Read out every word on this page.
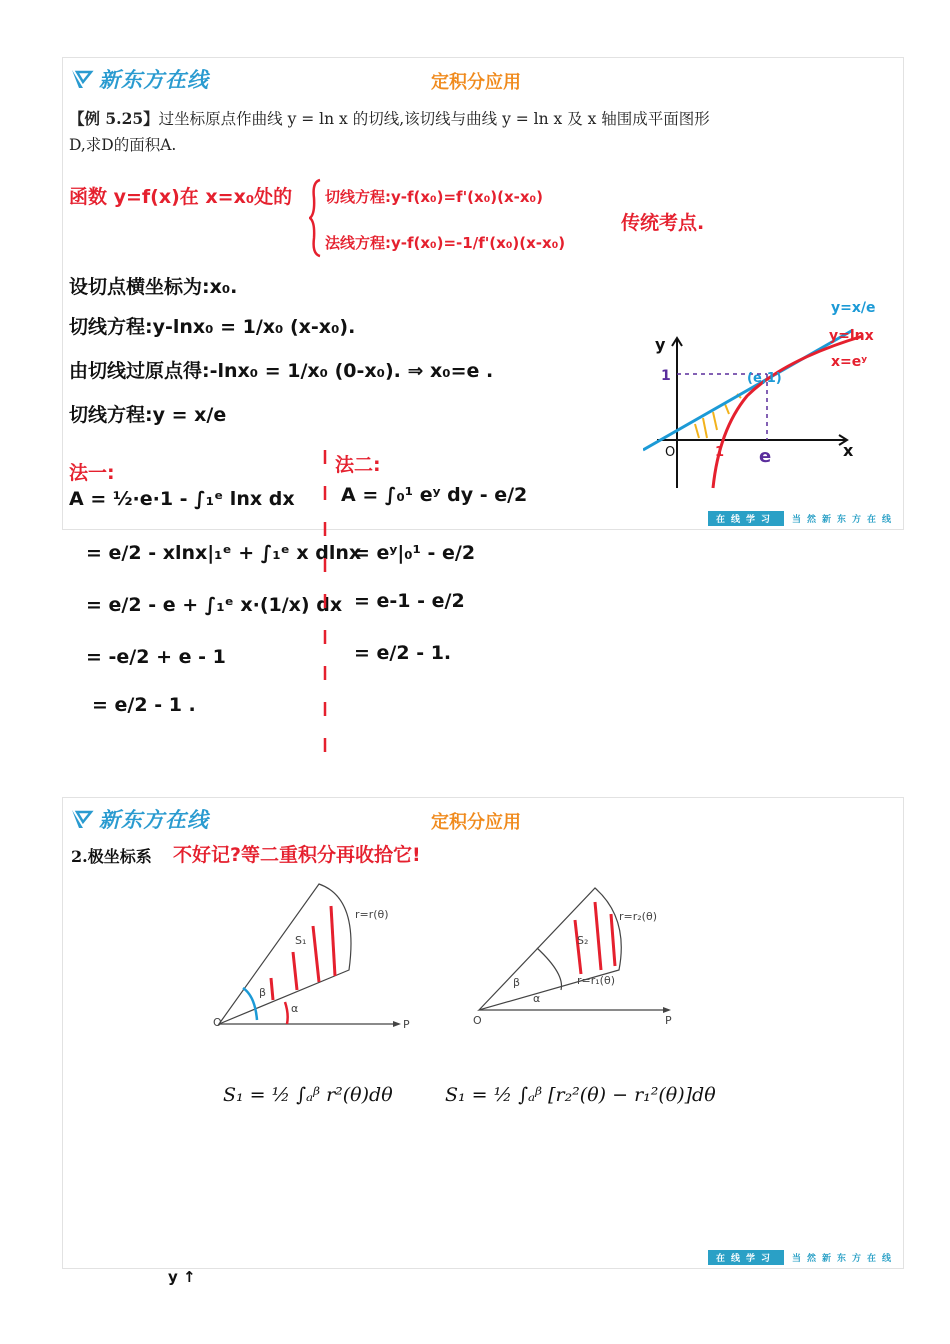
新东方在线	定积分应用
【例 5.25】过坐标原点作曲线 y = ln x 的切线,该切线与曲线 y = ln x 及 x 轴围成平面图形
D,求D的面积A.
函数 y=f(x)在 x=x₀处的 切线方程:y-f(x₀)=f'(x₀)(x-x₀)
法线方程:y-f(x₀)=-1/f'(x₀)(x-x₀)
传统考点.
设切点横坐标为:x₀.
切线方程:y-lnx₀ = 1/x₀ (x-x₀).
由切线过原点得:-lnx₀ = 1/x₀ (0-x₀). ⇒ x₀=e .
切线方程:y = x/e
法一:
A = ½·e·1 - ∫₁ᵉ lnx dx
法二:
A = ∫₀¹ eʸ dy - e/2
y
x
O
1
e
1
(e,1)
y=x/e
y=lnx
x=eʸ
在线学习	当然新东方在线
= e/2 - xlnx|₁ᵉ + ∫₁ᵉ x dlnx
= e/2 - e + ∫₁ᵉ x·(1/x) dx
= -e/2 + e - 1
= e/2 - 1 .
= eʸ|₀¹ - e/2
= e-1 - e/2
= e/2 - 1.
新东方在线	定积分应用
2.极坐标系 不好记?等二重积分再收拾它!
r=r(θ)
S₁
β
α
O	P
r=r₂(θ)
r=r₁(θ)
S₂
β
α
O	P
S₁ = ½ ∫ₐᵝ r²(θ)dθ	S₁ = ½ ∫ₐᵝ [r₂²(θ) − r₁²(θ)]dθ
在线学习	当然新东方在线
y ↑
